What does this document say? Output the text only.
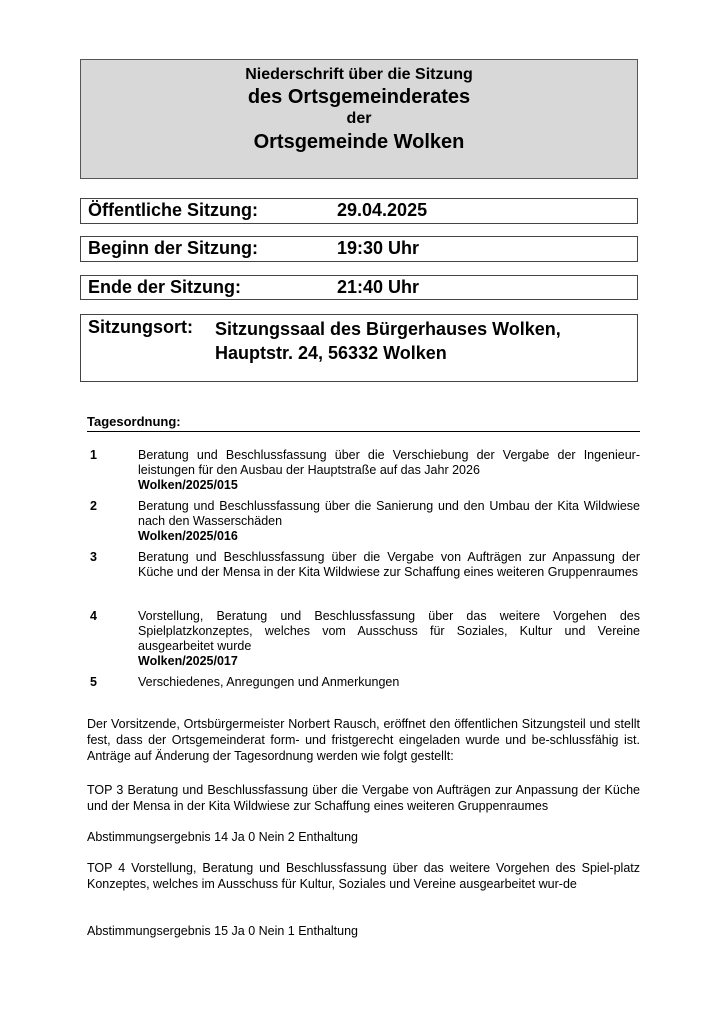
Niederschrift über die Sitzung
des Ortsgemeinderates
der
Ortsgemeinde Wolken
Öffentliche Sitzung:	29.04.2025
Beginn der Sitzung:	19:30 Uhr
Ende der Sitzung:	21:40 Uhr
Sitzungsort: Sitzungssaal des Bürgerhauses Wolken,
Hauptstr. 24, 56332 Wolken
Tagesordnung:
1	Beratung und Beschlussfassung über die Verschiebung der Vergabe der Ingenieur-leistungen für den Ausbau der Hauptstraße auf das Jahr 2026
Wolken/2025/015
2	Beratung und Beschlussfassung über die Sanierung und den Umbau der Kita Wildwiese nach den Wasserschäden
Wolken/2025/016
3	Beratung und Beschlussfassung über die Vergabe von Aufträgen zur Anpassung der Küche und der Mensa in der Kita Wildwiese zur Schaffung eines weiteren Gruppenraumes
4	Vorstellung, Beratung und Beschlussfassung über das weitere Vorgehen des Spielplatzkonzeptes, welches vom Ausschuss für Soziales, Kultur und Vereine ausgearbeitet wurde
Wolken/2025/017
5	Verschiedenes, Anregungen und Anmerkungen
Der Vorsitzende, Ortsbürgermeister Norbert Rausch, eröffnet den öffentlichen Sitzungsteil und stellt fest, dass der Ortsgemeinderat form- und fristgerecht eingeladen wurde und be-schlussfähig ist. Anträge auf Änderung der Tagesordnung werden wie folgt gestellt:
TOP 3 Beratung und Beschlussfassung über die Vergabe von Aufträgen zur Anpassung der Küche und der Mensa in der Kita Wildwiese zur Schaffung eines weiteren Gruppenraumes
Abstimmungsergebnis 14 Ja 0 Nein 2 Enthaltung
TOP 4 Vorstellung, Beratung und Beschlussfassung über das weitere Vorgehen des Spiel-platz Konzeptes, welches im Ausschuss für Kultur, Soziales und Vereine ausgearbeitet wur-de
Abstimmungsergebnis 15 Ja 0 Nein 1 Enthaltung
